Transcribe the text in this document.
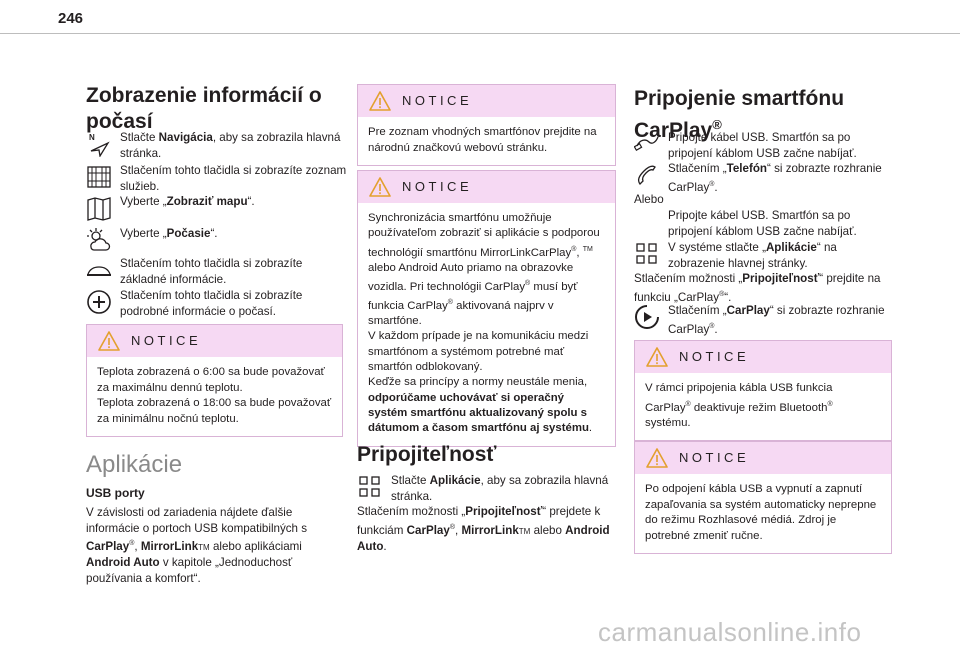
246
Zobrazenie informácií o
počasí
N Stlačte Navigácia, aby sa zobrazila hlavná stránka.
Stlačením tohto tlačidla si zobrazíte zoznam služieb.
Vyberte „Zobraziť mapu“.
Vyberte „Počasie“.
Stlačením tohto tlačidla si zobrazíte základné informácie.
Stlačením tohto tlačidla si zobrazíte podrobné informácie o počasí.
NOTICE
Teplota zobrazená o 6:00 sa bude považovať za maximálnu dennú teplotu.
Teplota zobrazená o 18:00 sa bude považovať za minimálnu nočnú teplotu.
Aplikácie
USB porty
V závislosti od zariadenia nájdete ďalšie informácie o portoch USB kompatibilných s CarPlay®, MirrorLinkTM alebo aplikáciami Android Auto v kapitole „Jednoduchosť používania a komfort“.
NOTICE
Pre zoznam vhodných smartfónov prejdite na národnú značkovú webovú stránku.
NOTICE
Synchronizácia smartfónu umožňuje používateľom zobraziť si aplikácie s podporou technológií smartfónu MirrorLinkCarPlay®, ™ alebo Android Auto priamo na obrazovke vozidla. Pri technológii CarPlay® musí byť funkcia CarPlay® aktivovaná najprv v smartfóne.
V každom prípade je na komunikáciu medzi smartfónom a systémom potrebné mať smartfón odblokovaný.
Keďže sa princípy a normy neustále menia, odporúčame uchovávať si operačný systém smartfónu aktualizovaný spolu s dátumom a časom smartfónu aj systému.
Pripojiteľnosť
Stlačte Aplikácie, aby sa zobrazila hlavná stránka.
Stlačením možnosti „Pripojiteľnosť“ prejdete k funkciám CarPlay®, MirrorLinkTM alebo Android Auto.
Pripojenie smartfónu
CarPlay®
Pripojte kábel USB. Smartfón sa po pripojení káblom USB začne nabíjať.
Stlačením „Telefón“ si zobrazte rozhranie CarPlay®.
Alebo
Pripojte kábel USB. Smartfón sa po pripojení káblom USB začne nabíjať.
V systéme stlačte „Aplikácie“ na zobrazenie hlavnej stránky.
Stlačením možnosti „Pripojiteľnosť“ prejdite na funkciu „CarPlay®“.
Stlačením „CarPlay“ si zobrazte rozhranie CarPlay®.
NOTICE
V rámci pripojenia kábla USB funkcia CarPlay® deaktivuje režim Bluetooth® systému.
NOTICE
Po odpojení kábla USB a vypnutí a zapnutí zapaľovania sa systém automaticky neprepne do režimu Rozhlasové médiá. Zdroj je potrebné zmeniť ručne.
carmanualsonline.info
